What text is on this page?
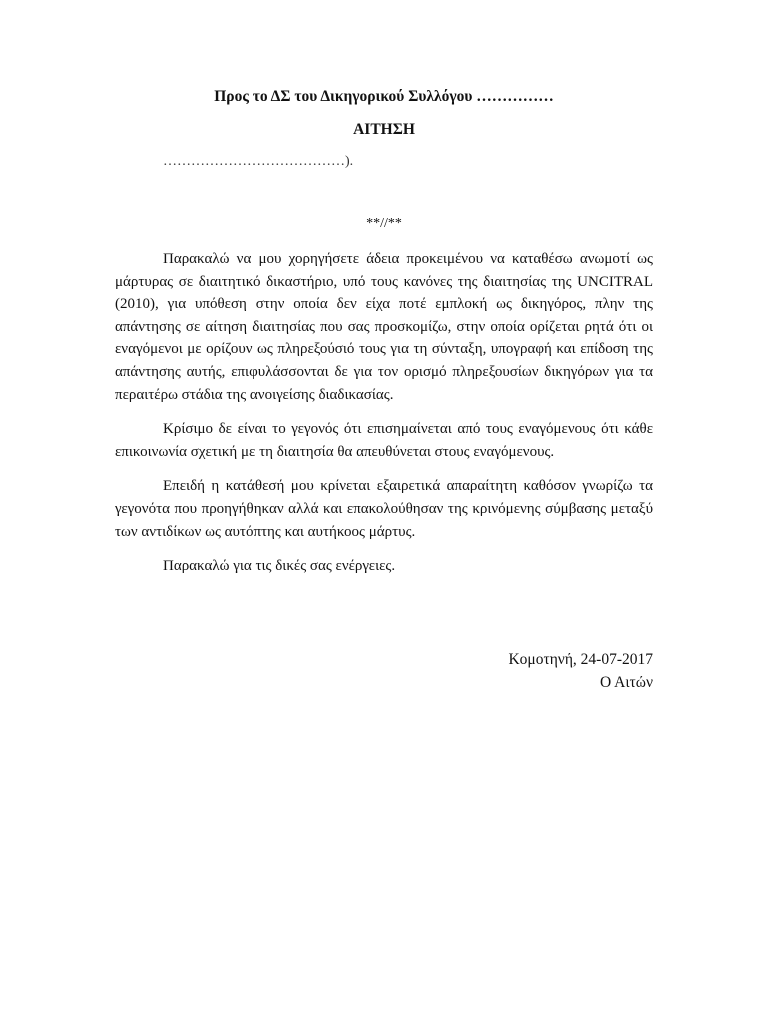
Προς το ΔΣ του Δικηγορικού Συλλόγου ……………
ΑΙΤΗΣΗ
…………………………………).
**//**

Παρακαλώ να μου χορηγήσετε άδεια προκειμένου να καταθέσω ανωμοτί ως μάρτυρας σε διαιτητικό δικαστήριο, υπό τους κανόνες της διαιτησίας της UNCITRAL (2010), για υπόθεση στην οποία δεν είχα ποτέ εμπλοκή ως δικηγόρος, πλην της απάντησης σε αίτηση διαιτησίας που σας προσκομίζω, στην οποία ορίζεται ρητά ότι οι εναγόμενοι με ορίζουν ως πληρεξούσιό τους για τη σύνταξη, υπογραφή και επίδοση της απάντησης αυτής, επιφυλάσσονται δε για τον ορισμό πληρεξουσίων δικηγόρων για τα περαιτέρω στάδια της ανοιγείσης διαδικασίας.

Κρίσιμο δε είναι το γεγονός ότι επισημαίνεται από τους εναγόμενους ότι κάθε επικοινωνία σχετική με τη διαιτησία θα απευθύνεται στους εναγόμενους.

Επειδή η κατάθεσή μου κρίνεται εξαιρετικά απαραίτητη καθόσον γνωρίζω τα γεγονότα που προηγήθηκαν αλλά και επακολούθησαν της κρινόμενης σύμβασης μεταξύ των αντιδίκων ως αυτόπτης και αυτήκοος μάρτυς.

Παρακαλώ για τις δικές σας ενέργειες.

Κομοτηνή, 24-07-2017
Ο Αιτών
